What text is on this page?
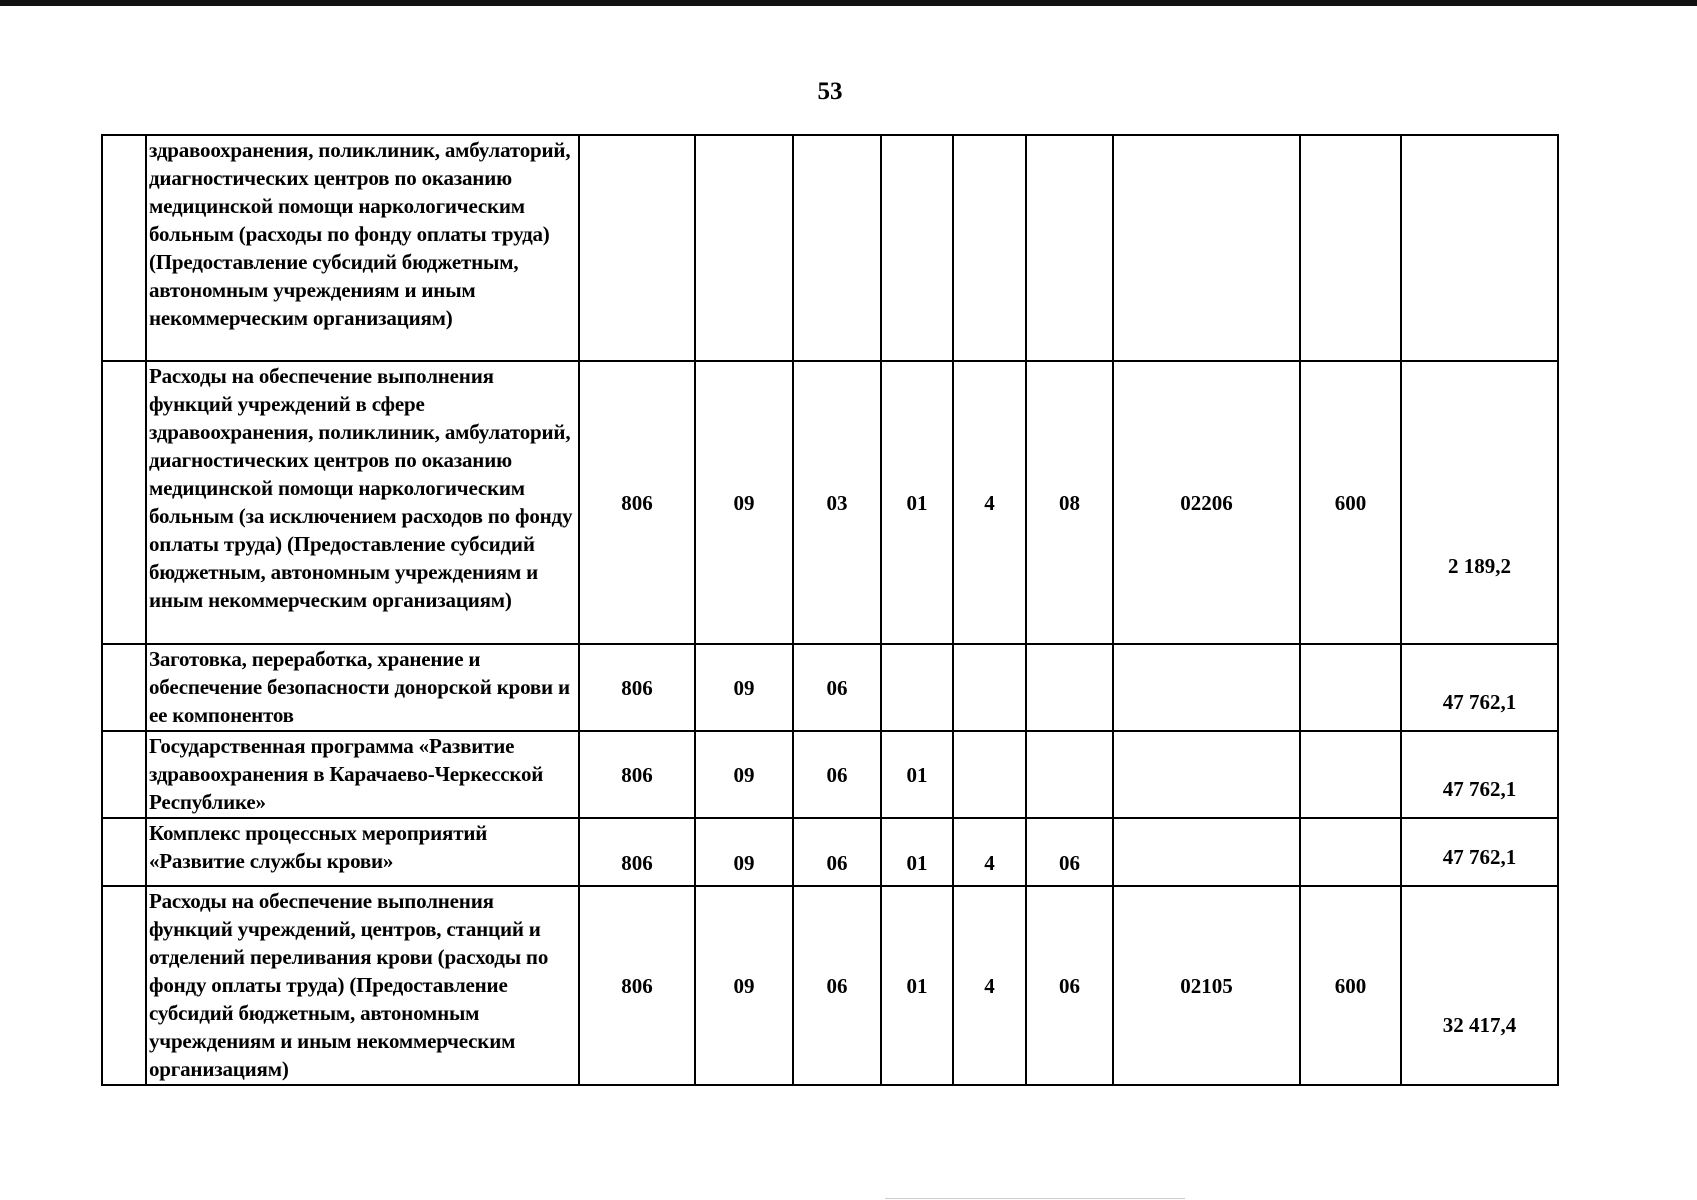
53
	здравоохранения, поликлиник, амбулаторий, диагностических центров по оказанию медицинской помощи наркологическим больным (расходы по фонду оплаты труда) (Предоставление субсидий бюджетным, автономным учреждениям и иным некоммерческим организациям)									
	Расходы на обеспечение выполнения функций учреждений в сфере здравоохранения, поликлиник, амбулаторий, диагностических центров по оказанию медицинской помощи наркологическим больным (за исключением расходов по фонду оплаты труда) (Предоставление субсидий бюджетным, автономным учреждениям и иным некоммерческим организациям)	806	09	03	01	4	08	02206	600	2 189,2

	Заготовка, переработка, хранение и обеспечение безопасности донорской крови и ее компонентов	806	09	06						47 762,1

	Государственная программа «Развитие здравоохранения в Карачаево-Черкесской Республике»	806	09	06	01					47 762,1

	Комплекс процессных мероприятий «Развитие службы крови»	806	09	06	01	4	06			47 762,1
	Расходы на обеспечение выполнения функций учреждений, центров, станций и отделений переливания крови (расходы по фонду оплаты труда) (Предоставление субсидий бюджетным, автономным учреждениям и иным некоммерческим организациям)	806	09	06	01	4	06	02105	600	32 417,4
